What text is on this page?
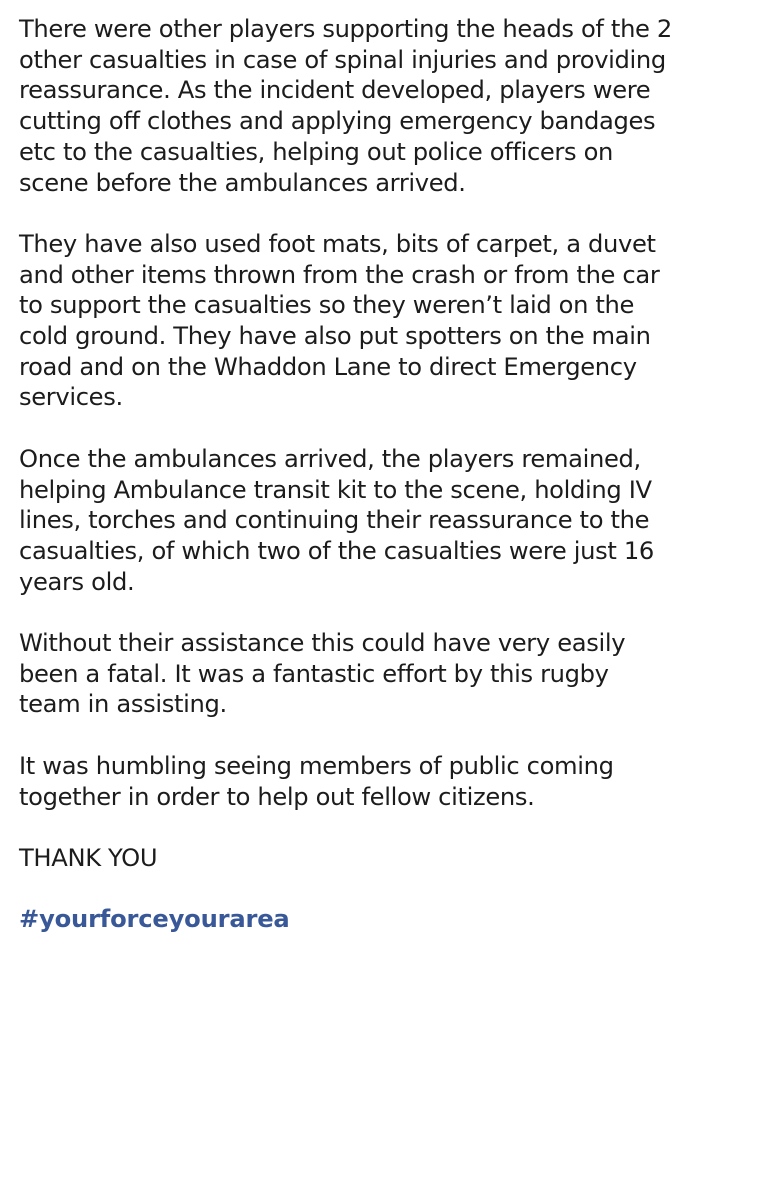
There were other players supporting the heads of the 2
other casualties in case of spinal injuries and providing
reassurance. As the incident developed, players were
cutting off clothes and applying emergency bandages
etc to the casualties, helping out police officers on
scene before the ambulances arrived.

They have also used foot mats, bits of carpet, a duvet
and other items thrown from the crash or from the car
to support the casualties so they weren’t laid on the
cold ground. They have also put spotters on the main
road and on the Whaddon Lane to direct Emergency
services.

Once the ambulances arrived, the players remained,
helping Ambulance transit kit to the scene, holding IV
lines, torches and continuing their reassurance to the
casualties, of which two of the casualties were just 16
years old.

Without their assistance this could have very easily
been a fatal. It was a fantastic effort by this rugby
team in assisting.

It was humbling seeing members of public coming
together in order to help out fellow citizens.

THANK YOU

#yourforceyourarea
